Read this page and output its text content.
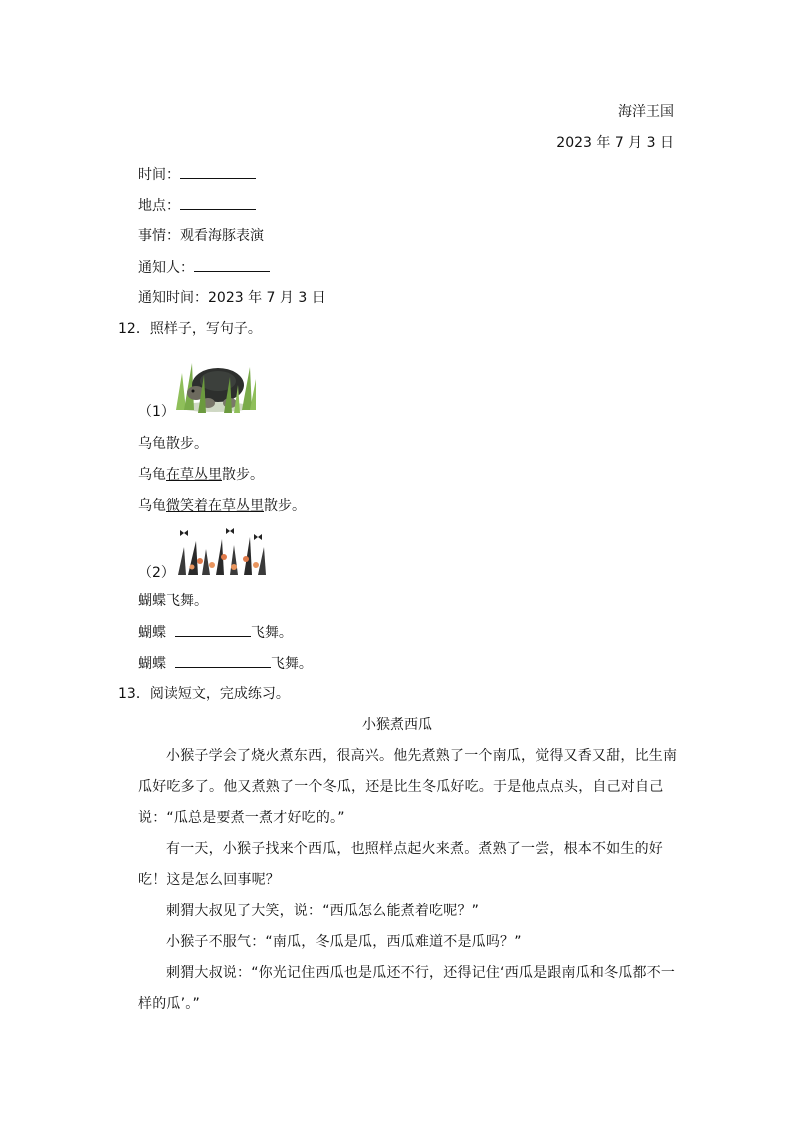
海洋王国
2023 年 7 月 3 日
时间：
地点：
事情：观看海豚表演
通知人：
通知时间：2023 年 7 月 3 日
12．照样子，写句子。
（1）
乌龟散步。
乌龟在草丛里散步。
乌龟微笑着在草丛里散步。
（2）
蝴蝶飞舞。
蝴蝶	飞舞。
蝴蝶	飞舞。
13．阅读短文，完成练习。
小猴煮西瓜
小猴子学会了烧火煮东西，很高兴。他先煮熟了一个南瓜，觉得又香又甜，比生南瓜好吃多了。他又煮熟了一个冬瓜，还是比生冬瓜好吃。于是他点点头，自己对自己说：“瓜总是要煮一煮才好吃的。”
有一天，小猴子找来个西瓜，也照样点起火来煮。煮熟了一尝，根本不如生的好吃！这是怎么回事呢？
刺猬大叔见了大笑，说：“西瓜怎么能煮着吃呢？”
小猴子不服气：“南瓜，冬瓜是瓜，西瓜难道不是瓜吗？”
刺猬大叔说：“你光记住西瓜也是瓜还不行，还得记住‘西瓜是跟南瓜和冬瓜都不一样的瓜’。”
